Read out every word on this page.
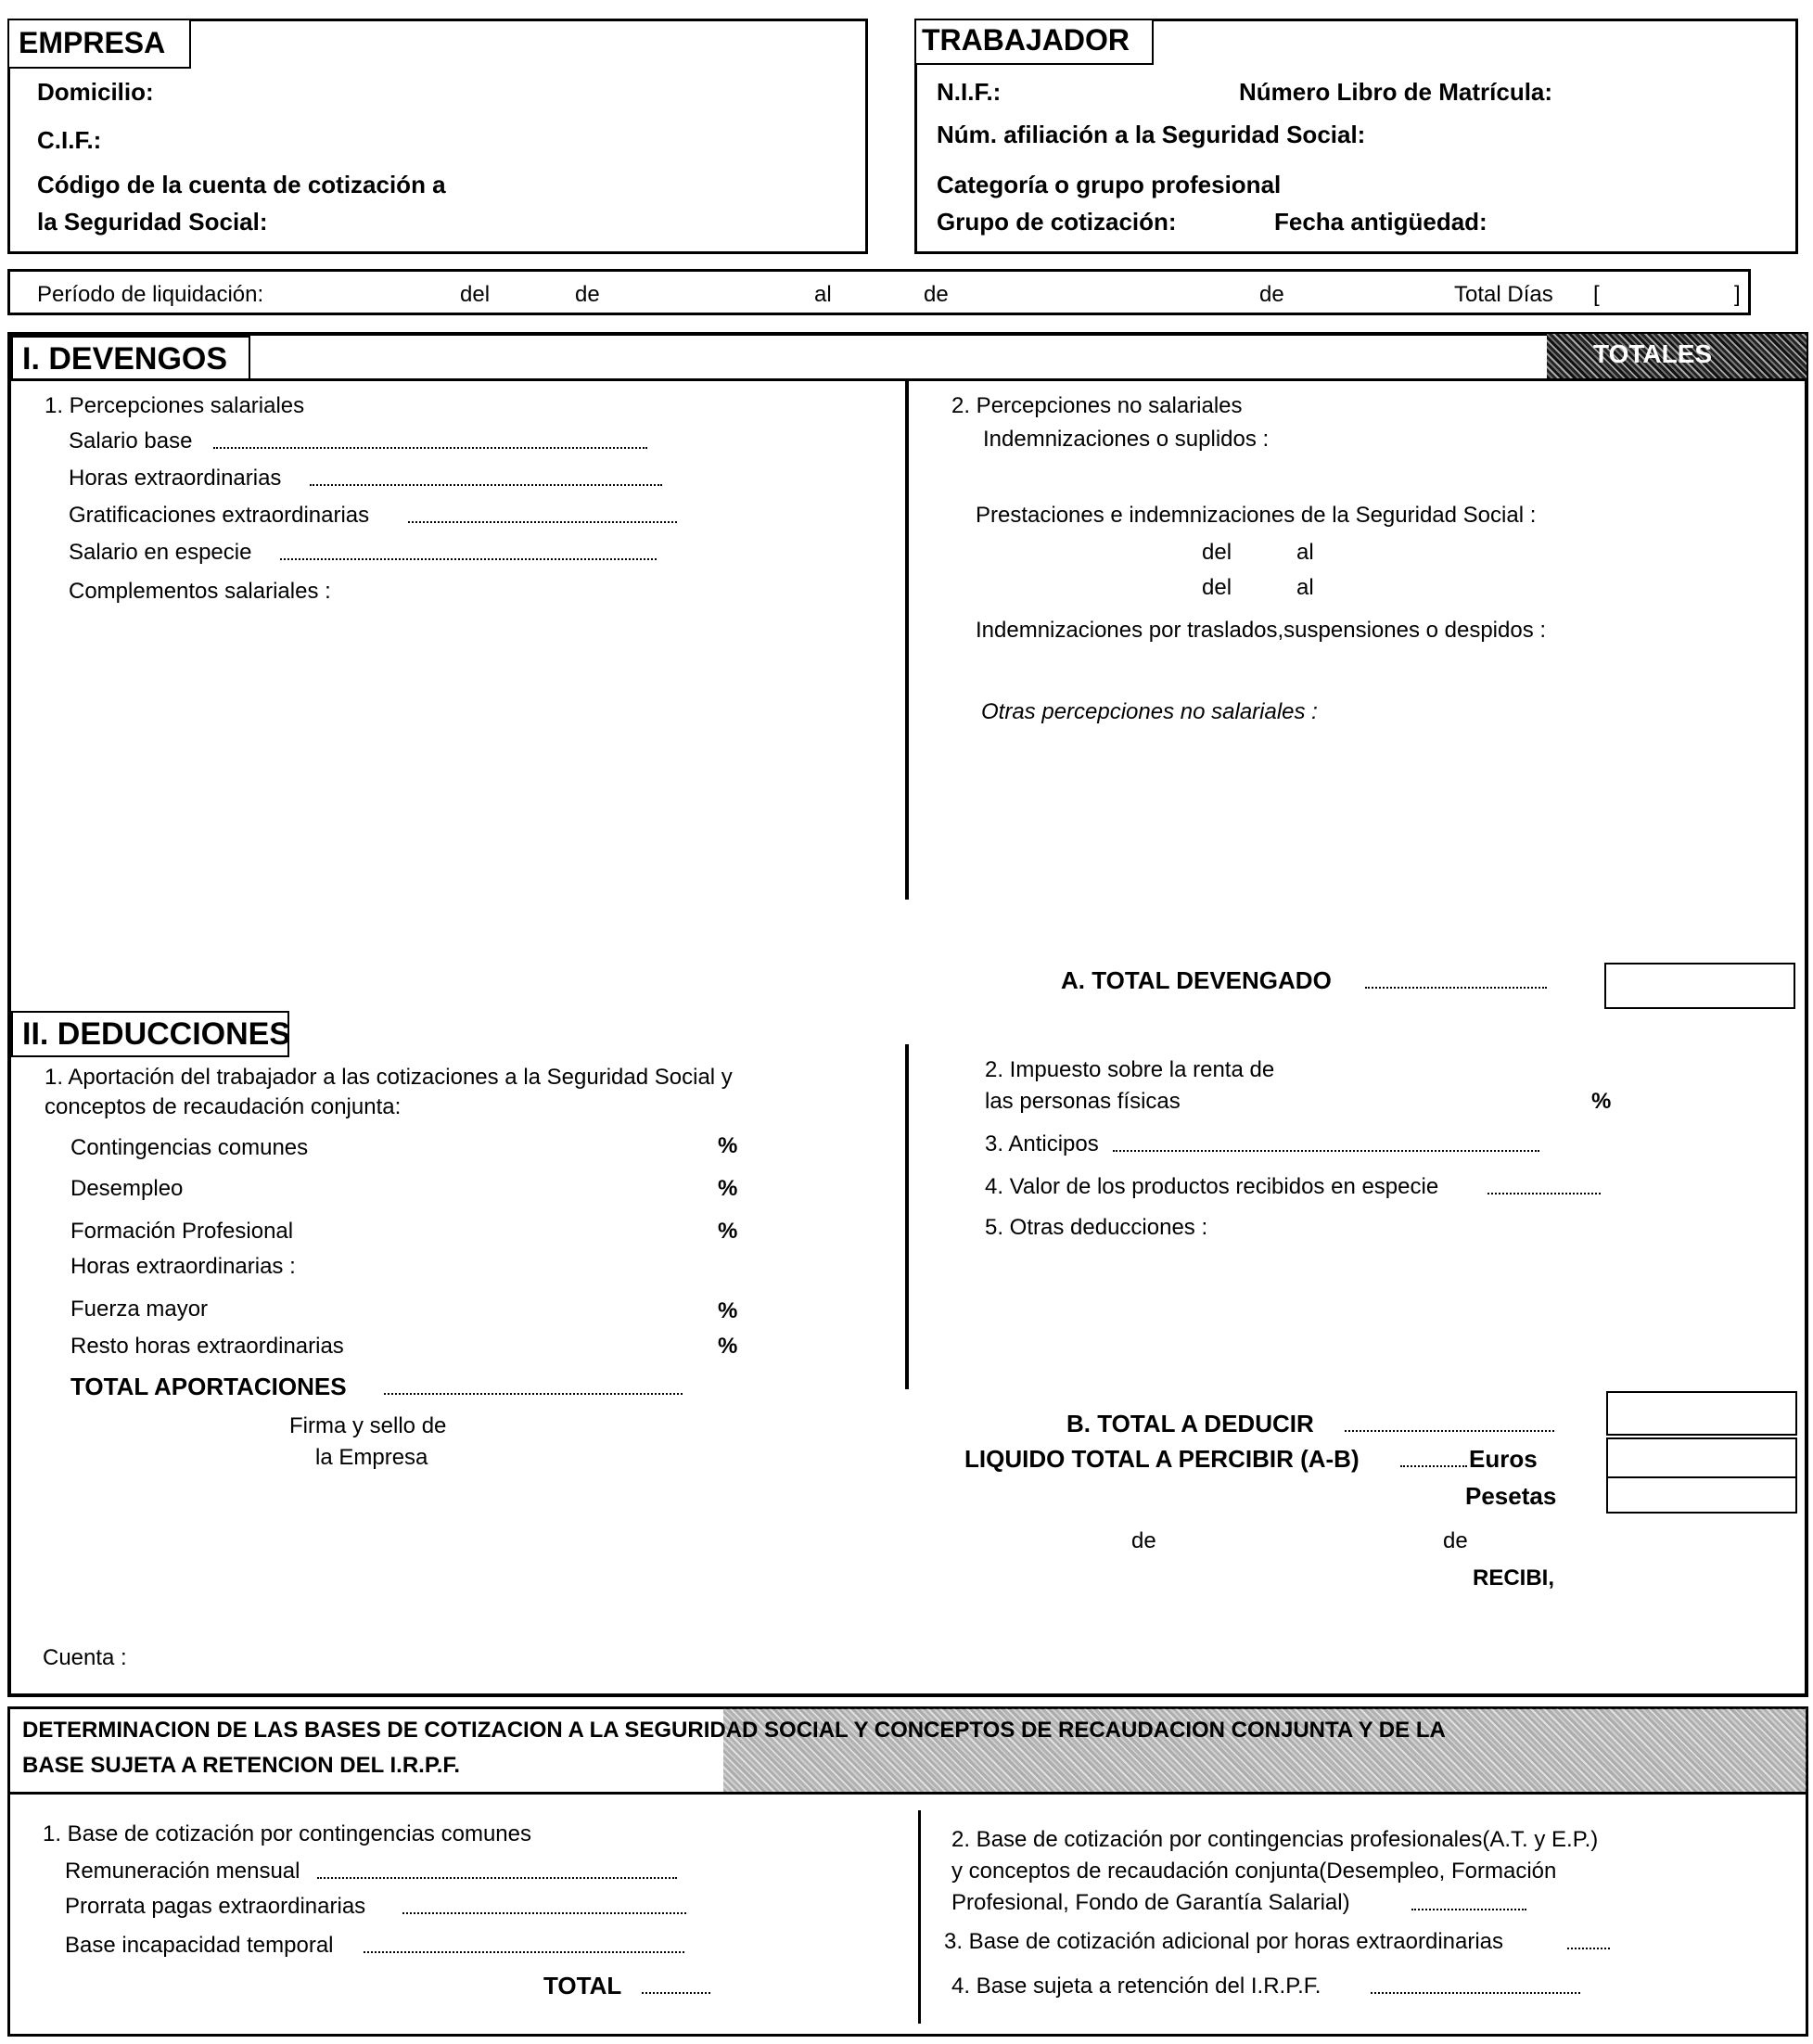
EMPRESA
Domicilio:
C.I.F.:
Código de la cuenta de cotización a
la Seguridad Social:
TRABAJADOR
N.I.F.:	Número Libro de Matrícula:
Núm. afiliación a la Seguridad Social:
Categoría o grupo profesional
Grupo de cotización:	Fecha antigüedad:
Período de liquidación:	del	de	al	de	de	Total Días [	]
I. DEVENGOS	TOTALES
1. Percepciones salariales
Salario base
Horas extraordinarias
Gratificaciones extraordinarias
Salario en especie
Complementos salariales :
2. Percepciones no salariales
Indemnizaciones o suplidos :
Prestaciones e indemnizaciones de la Seguridad Social :
del	al
del	al
Indemnizaciones por traslados,suspensiones o despidos :
Otras percepciones no salariales :
A. TOTAL DEVENGADO
II. DEDUCCIONES
1. Aportación del trabajador a las cotizaciones a la Seguridad Social y
conceptos de recaudación conjunta:
Contingencias comunes	%
Desempleo	%
Formación Profesional	%
Horas extraordinarias :
Fuerza mayor	%
Resto horas extraordinarias	%
TOTAL APORTACIONES
Firma y sello de
la Empresa
2. Impuesto sobre la renta de
las personas físicas	%
3. Anticipos
4. Valor de los productos recibidos en especie
5. Otras deducciones :
B. TOTAL A DEDUCIR
LIQUIDO TOTAL A PERCIBIR (A-B)	Euros
Pesetas
de	de
RECIBI,
Cuenta :
DETERMINACION DE LAS BASES DE COTIZACION A LA SEGURIDAD SOCIAL Y CONCEPTOS DE RECAUDACION CONJUNTA Y DE LA
BASE SUJETA A RETENCION DEL I.R.P.F.
1. Base de cotización por contingencias comunes
Remuneración mensual
Prorrata pagas extraordinarias
Base incapacidad temporal
TOTAL
2. Base de cotización por contingencias profesionales(A.T. y E.P.)
y conceptos de recaudación conjunta(Desempleo, Formación
Profesional, Fondo de Garantía Salarial)
3. Base de cotización adicional por horas extraordinarias
4. Base sujeta a retención del I.R.P.F.
